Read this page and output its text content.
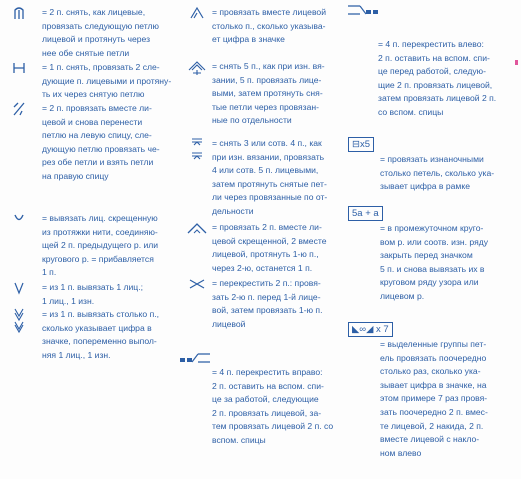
= 2 п. снять, как лицевые,
провязать следующую петлю
лицевой и протянуть через
нее обе снятые петли
= 1 п. снять, провязать 2 сле-
дующие п. лицевыми и протяну-
ть их через снятую петлю
= 2 п. провязать вместе ли-
цевой и снова перенести
петлю на левую спицу, сле-
дующую петлю провязать че-
рез обе петли и взять петли
на правую спицу
= вывязать лиц. скрещенную
из протяжки нити, соединяю-
щей 2 п. предыдущего р. или
кругового р. = прибавляется
1 п.
= из 1 п. вывязать 1 лиц.;
1 лиц., 1 изн.
= из 1 п. вывязать столько п.,
сколько указывает цифра в
значке, попеременно выпол-
няя 1 лиц., 1 изн.
= провязать вместе лицевой
столько п., сколько указыва-
ет цифра в значке
= снять 5 п., как при изн. вя-
зании, 5 п. провязать лице-
выми, затем протянуть сня-
тые петли через провязан-
ные по отдельности
= снять 3 или сотв. 4 п., как
при изн. вязании, провязать
4 или сотв. 5 п. лицевыми,
затем протянуть снятые пет-
ли через провязанные по от-
дельности
= провязать 2 п. вместе ли-
цевой скрещенной, 2 вместе
лицевой, протянуть 1-ю п.,
через 2-ю, останется 1 п.
= перекрестить 2 п.: провя-
зать 2-ю п. перед 1-й лице-
вой, затем провязать 1-ю п.
лицевой
= 4 п. перекрестить вправо:
2 п. оставить на вспом. спи-
це за работой, следующие
2 п. провязать лицевой, за-
тем провязать лицевой 2 п. со
вспом. спицы
= 4 п. перекрестить влево:
2 п. оставить на вспом. спи-
це перед работой, следую-
щие 2 п. провязать лицевой,
затем провязать лицевой 2 п.
со вспом. спицы
⊟x5
= провязать изнаночными
столько петель, сколько ука-
зывает цифра в рамке
5a + a
= в промежуточном круго-
вом р. или соотв. изн. ряду
закрыть перед значком
5 п. и снова вывязать их в
круговом ряду узора или
лицевом р.
◣∞◢ x 7
= выделенные группы пет-
ель провязать поочередно
столько раз, сколько ука-
зывает цифра в значке, на
этом примере 7 раз провя-
зать поочередно 2 п. вмес-
те лицевой, 2 накида, 2 п.
вместе лицевой с накло-
ном влево
